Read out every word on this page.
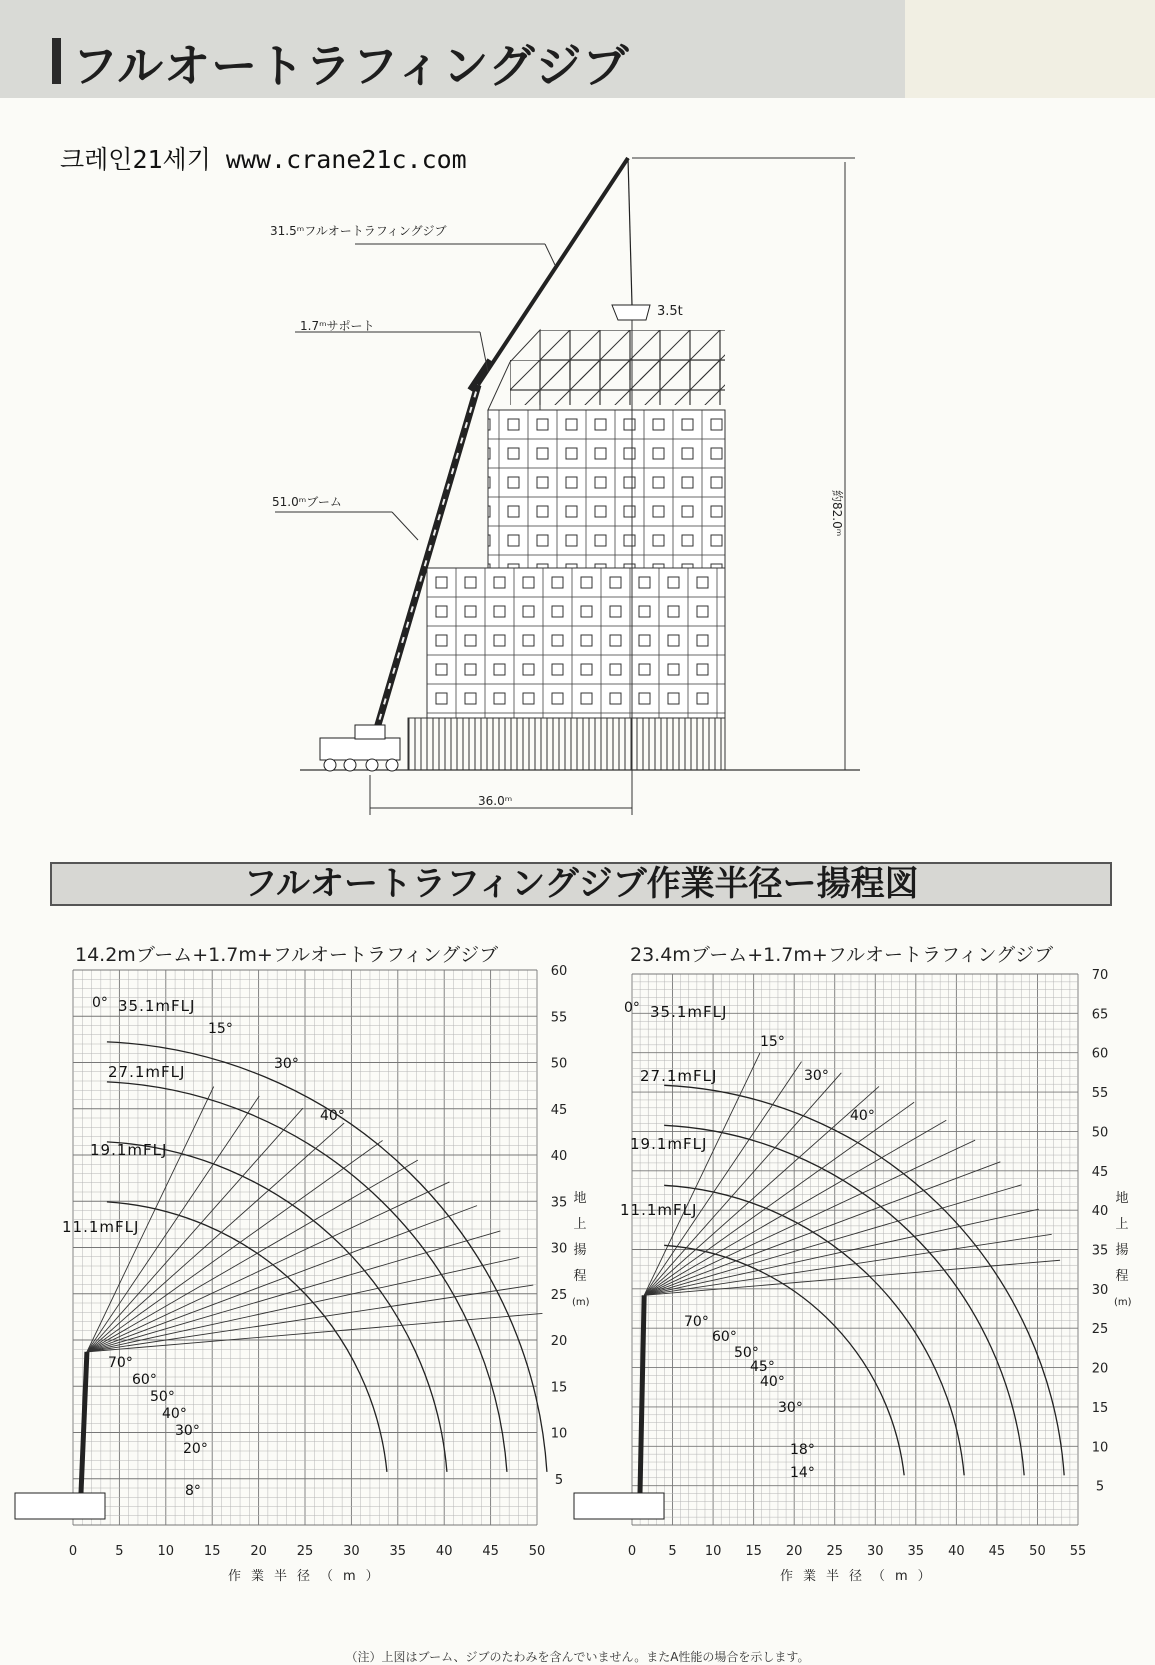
フルオートラフィングジブ
크레인21세기 www.crane21c.com
31.5ᵐフルオートラフィングジブ
1.7ᵐサポート
51.0ᵐブーム
3.5t
約82.0ᵐ
36.0ᵐ
フルオートラフィングジブ作業半径ー揚程図
14.2mブーム+1.7m+フルオートラフィングジブ	23.4mブーム+1.7m+フルオートラフィングジブ
0	5	10 15 20 25 30 35 40 45 50
5
10
15
20
25
30
35
40
45
50
55
60
35.1mFLJ
27.1mFLJ
19.1mFLJ
11.1mFLJ
0°
15°
30°
40°
70°
60°
50°
40°
30°
20°
8°
0 5 10 15 20 25 30 35 40 45 50 55
5
10
15
20
25
30
35
40
45
50
55
60
65
70
35.1mFLJ
27.1mFLJ
19.1mFLJ
11.1mFLJ
0°
15°
30°
40°
70°
60°
50°
45°
40°
30°
18°
14°
作業半径（m）	作業半径（m）
地
上
揚
程
(m)
地
上
揚
程
(m)
（注）上図はブーム、ジブのたわみを含んでいません。またA性能の場合を示します。
